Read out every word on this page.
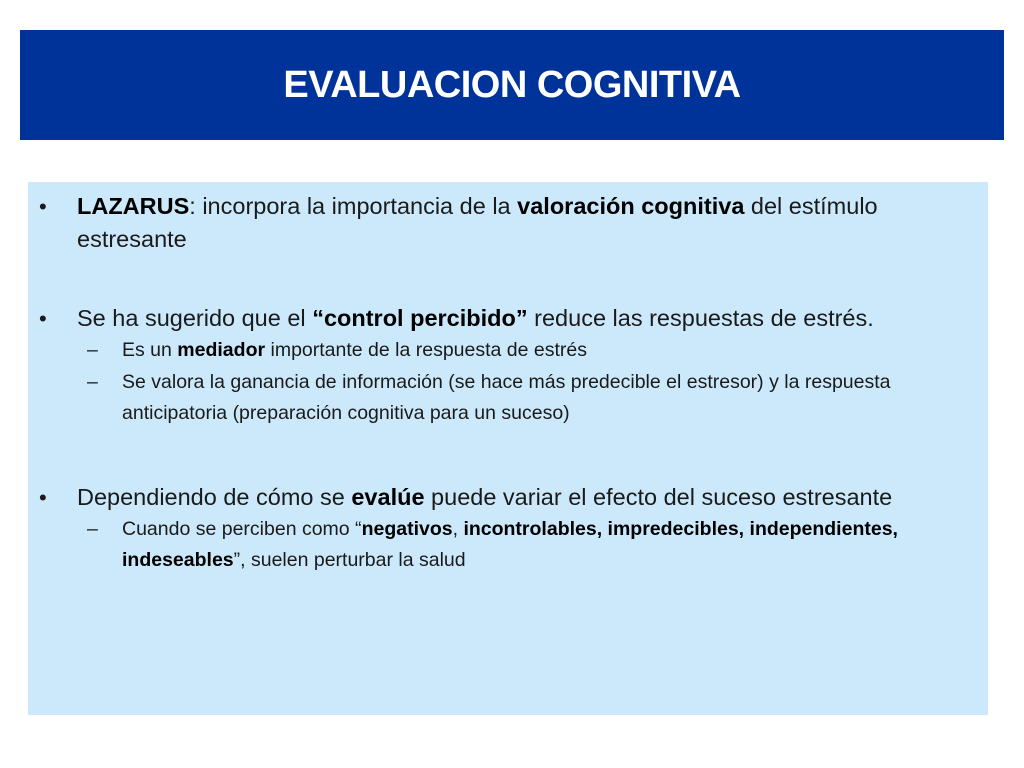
EVALUACION COGNITIVA
• LAZARUS: incorpora la importancia de la valoración cognitiva del estímulo estresante
• Se ha sugerido que el “control percibido” reduce las respuestas de estrés.
– Es un mediador importante de la respuesta de estrés
– Se valora la ganancia de información (se hace más predecible el estresor) y la respuesta anticipatoria (preparación cognitiva para un suceso)
• Dependiendo de cómo se evalúe puede variar el efecto del suceso estresante
– Cuando se perciben como “negativos, incontrolables, impredecibles, independientes, indeseables”, suelen perturbar la salud
